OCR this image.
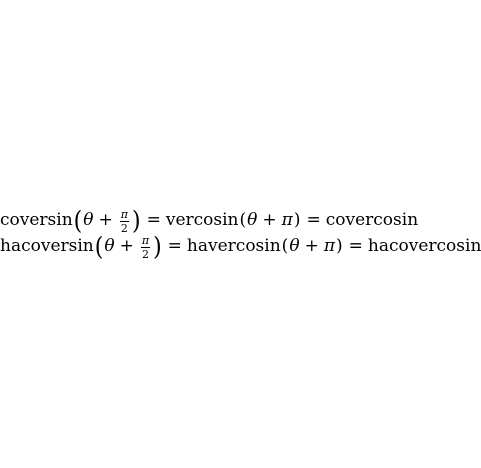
coversin(θ + $\frac{\pi}{2}$ ) = vercosin(θ + π) = covercosin
hacoversin(θ + $\frac{\pi}{2}$ ) = havercosin(θ + π) = hacovercosin
